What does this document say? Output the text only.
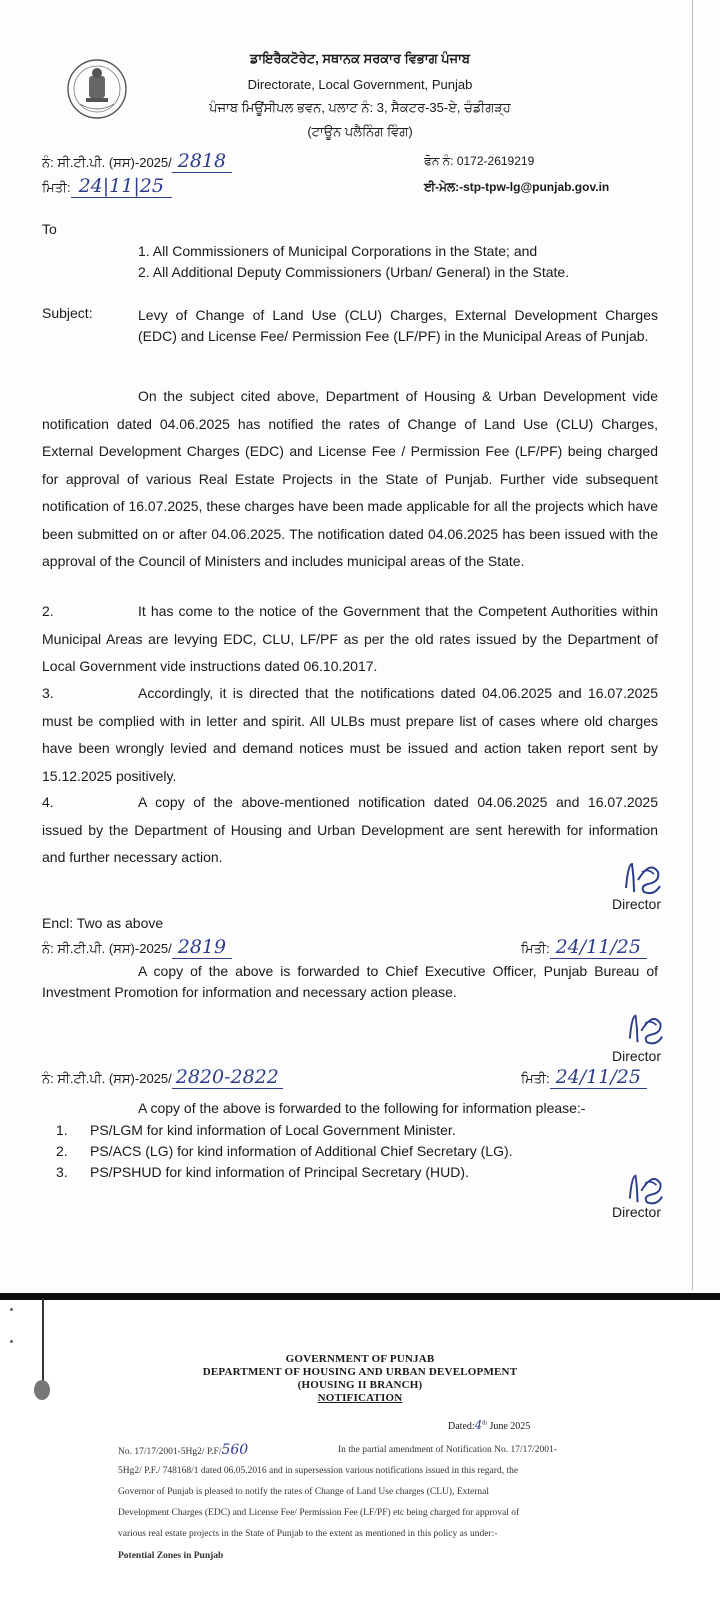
ਡਾਇਰੈਕਟੋਰੇਟ, ਸਥਾਨਕ ਸਰਕਾਰ ਵਿਭਾਗ ਪੰਜਾਬ
Directorate, Local Government, Punjab
ਪੰਜਾਬ ਮਿਊਂਸੀਪਲ ਭਵਨ, ਪਲਾਟ ਨੰ: 3, ਸੈਕਟਰ-35-ਏ, ਚੰਡੀਗੜ੍ਹ
(ਟਾਊਨ ਪਲੈਨਿੰਗ ਵਿੰਗ)
ਨੰ: ਸੀ.ਟੀ.ਪੀ. (ਸਸ)-2025/ 2818
ਮਿਤੀ: 24|11|25
ਫੋਨ ਨੰ: 0172-2619219
ਈ-ਮੇਲ:-stp-tpw-lg@punjab.gov.in
To
1. All Commissioners of Municipal Corporations in the State; and
2. All Additional Deputy Commissioners (Urban/ General) in the State.
Subject:	Levy of Change of Land Use (CLU) Charges, External Development Charges (EDC) and License Fee/ Permission Fee (LF/PF) in the Municipal Areas of Punjab.
On the subject cited above, Department of Housing & Urban Development vide notification dated 04.06.2025 has notified the rates of Change of Land Use (CLU) Charges, External Development Charges (EDC) and License Fee / Permission Fee (LF/PF) being charged for approval of various Real Estate Projects in the State of Punjab. Further vide subsequent notification of 16.07.2025, these charges have been made applicable for all the projects which have been submitted on or after 04.06.2025. The notification dated 04.06.2025 has been issued with the approval of the Council of Ministers and includes municipal areas of the State.
2.	It has come to the notice of the Government that the Competent Authorities within Municipal Areas are levying EDC, CLU, LF/PF as per the old rates issued by the Department of Local Government vide instructions dated 06.10.2017.
3.	Accordingly, it is directed that the notifications dated 04.06.2025 and 16.07.2025 must be complied with in letter and spirit. All ULBs must prepare list of cases where old charges have been wrongly levied and demand notices must be issued and action taken report sent by 15.12.2025 positively.
4.	A copy of the above-mentioned notification dated 04.06.2025 and 16.07.2025 issued by the Department of Housing and Urban Development are sent herewith for information and further necessary action.
Director
Encl: Two as above
ਨੰ: ਸੀ.ਟੀ.ਪੀ. (ਸਸ)-2025/ 2819	ਮਿਤੀ: 24/11/25
A copy of the above is forwarded to Chief Executive Officer, Punjab Bureau of Investment Promotion for information and necessary action please.
Director
ਨੰ: ਸੀ.ਟੀ.ਪੀ. (ਸਸ)-2025/ 2820-2822	ਮਿਤੀ: 24/11/25
A copy of the above is forwarded to the following for information please:-
1. PS/LGM for kind information of Local Government Minister.
2. PS/ACS (LG) for kind information of Additional Chief Secretary (LG).
3. PS/PSHUD for kind information of Principal Secretary (HUD).
Director
GOVERNMENT OF PUNJAB
DEPARTMENT OF HOUSING AND URBAN DEVELOPMENT
(HOUSING II BRANCH)
NOTIFICATION
Dated:4th June 2025
No. 17/17/2001-5Hg2/ P.F/560	In the partial amendment of Notification No. 17/17/2001-
5Hg2/ P.F./ 748168/1 dated 06.05.2016 and in supersession various notifications issued in this regard, the
Governor of Punjab is pleased to notify the rates of Change of Land Use charges (CLU), External
Development Charges (EDC) and License Fee/ Permission Fee (LF/PF) etc being charged for approval of
various real estate projects in the State of Punjab to the extent as mentioned in this policy as under:-
Potential Zones in Punjab
